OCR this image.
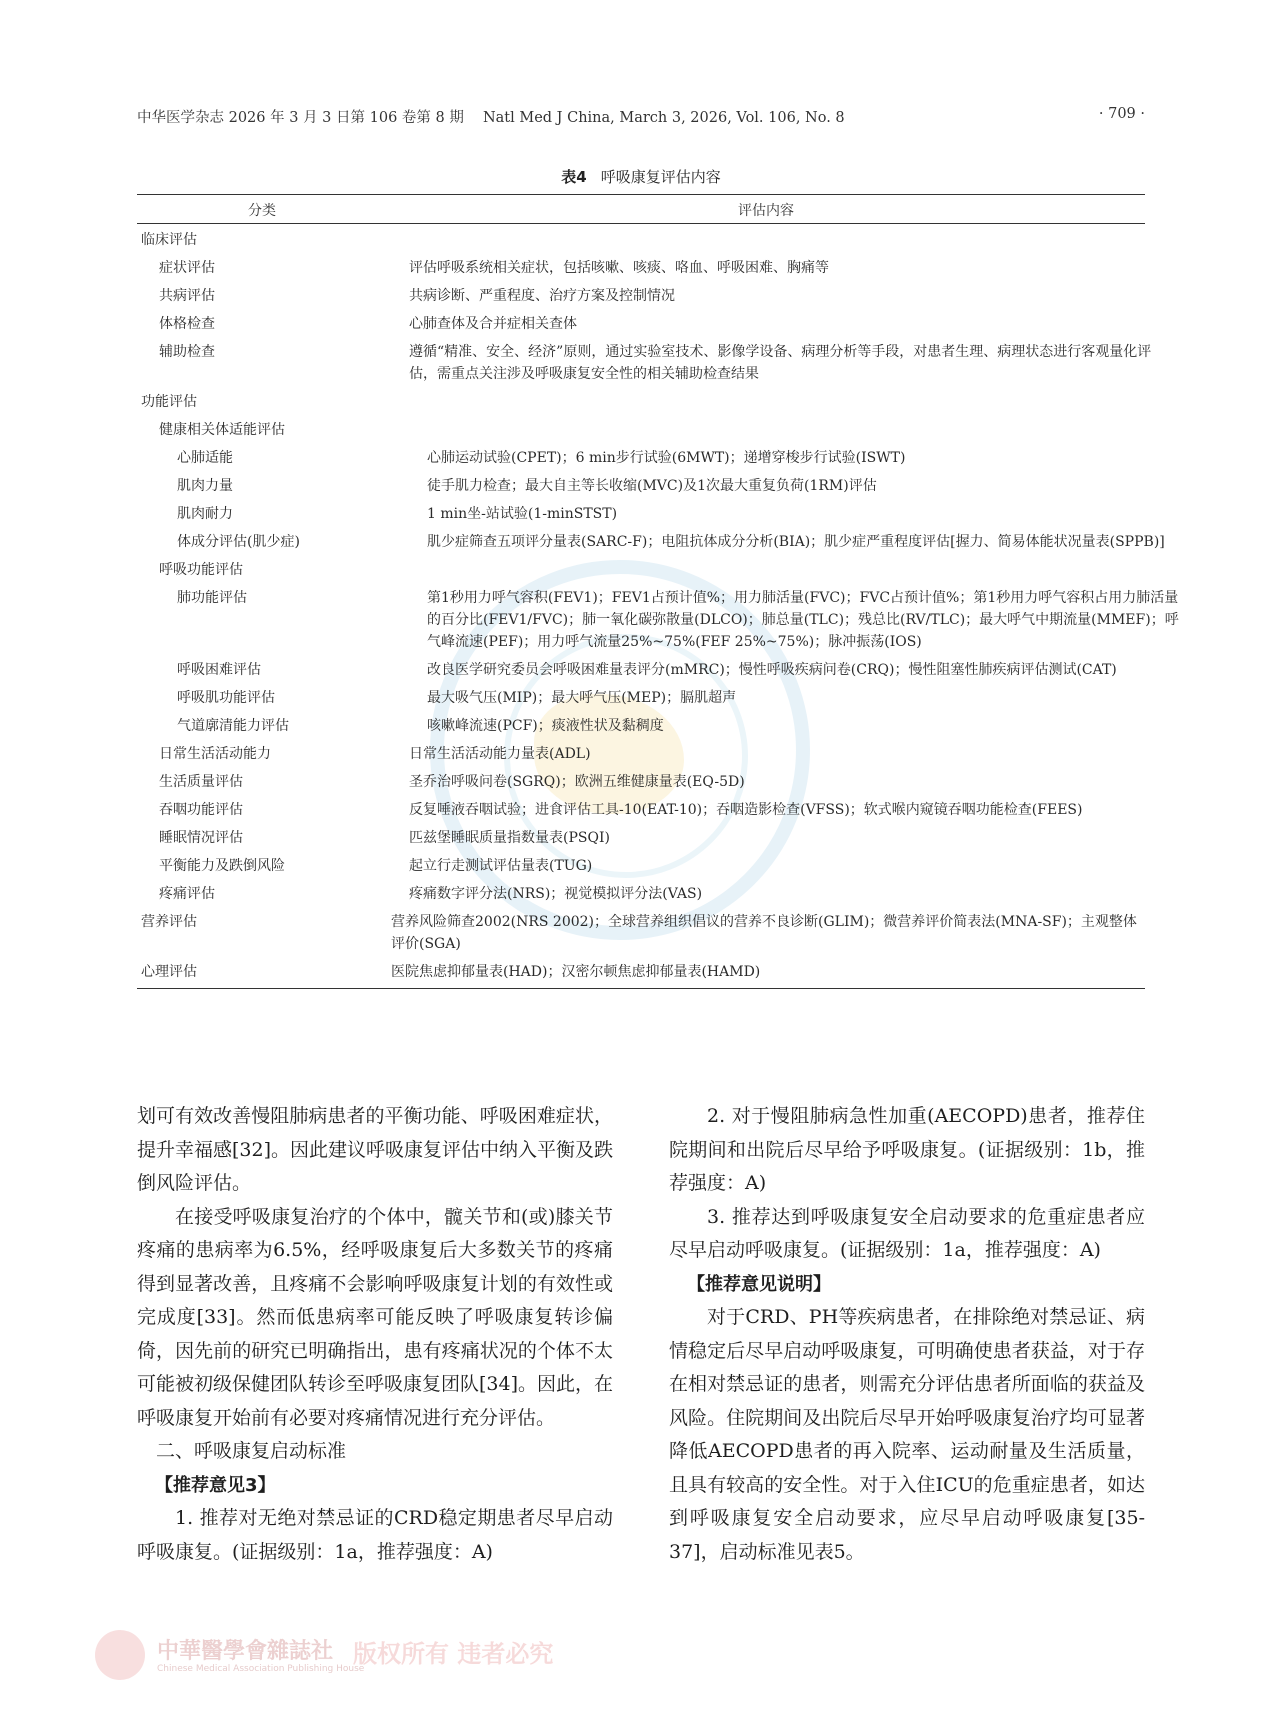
中华医学杂志 2026 年 3 月 3 日第 106 卷第 8 期 　Natl Med J China, March 3, 2026, Vol. 106, No. 8	· 709 ·
表4 呼吸康复评估内容
分类	评估内容
临床评估
症状评估	评估呼吸系统相关症状，包括咳嗽、咳痰、咯血、呼吸困难、胸痛等
共病评估	共病诊断、严重程度、治疗方案及控制情况
体格检查	心肺查体及合并症相关查体
辅助检查	遵循“精准、安全、经济”原则，通过实验室技术、影像学设备、病理分析等手段，对患者生理、病理状态进行客观量化评估，需重点关注涉及呼吸康复安全性的相关辅助检查结果
功能评估
健康相关体适能评估
心肺适能	心肺运动试验(CPET)；6 min步行试验(6MWT)；递增穿梭步行试验(ISWT)
肌肉力量	徒手肌力检查；最大自主等长收缩(MVC)及1次最大重复负荷(1RM)评估
肌肉耐力	1 min坐-站试验(1-minSTST)
体成分评估(肌少症)	肌少症筛查五项评分量表(SARC-F)；电阻抗体成分分析(BIA)；肌少症严重程度评估[握力、简易体能状况量表(SPPB)]
呼吸功能评估
肺功能评估	第1秒用力呼气容积(FEV1)；FEV1占预计值%；用力肺活量(FVC)；FVC占预计值%；第1秒用力呼气容积占用力肺活量的百分比(FEV1/FVC)；肺一氧化碳弥散量(DLCO)；肺总量(TLC)；残总比(RV/TLC)；最大呼气中期流量(MMEF)；呼气峰流速(PEF)；用力呼气流量25%~75%(FEF 25%~75%)；脉冲振荡(IOS)
呼吸困难评估	改良医学研究委员会呼吸困难量表评分(mMRC)；慢性呼吸疾病问卷(CRQ)；慢性阻塞性肺疾病评估测试(CAT)
呼吸肌功能评估	最大吸气压(MIP)；最大呼气压(MEP)；膈肌超声
气道廓清能力评估	咳嗽峰流速(PCF)；痰液性状及黏稠度
日常生活活动能力	日常生活活动能力量表(ADL)
生活质量评估	圣乔治呼吸问卷(SGRQ)；欧洲五维健康量表(EQ-5D)
吞咽功能评估	反复唾液吞咽试验；进食评估工具-10(EAT-10)；吞咽造影检查(VFSS)；软式喉内窥镜吞咽功能检查(FEES)
睡眠情况评估	匹兹堡睡眠质量指数量表(PSQI)
平衡能力及跌倒风险	起立行走测试评估量表(TUG)
疼痛评估	疼痛数字评分法(NRS)；视觉模拟评分法(VAS)
营养评估	营养风险筛查2002(NRS 2002)；全球营养组织倡议的营养不良诊断(GLIM)；微营养评价简表法(MNA-SF)；主观整体评价(SGA)
心理评估	医院焦虑抑郁量表(HAD)；汉密尔顿焦虑抑郁量表(HAMD)

划可有效改善慢阻肺病患者的平衡功能、呼吸困难症状，提升幸福感[32]。因此建议呼吸康复评估中纳入平衡及跌倒风险评估。

在接受呼吸康复治疗的个体中，髋关节和(或)膝关节疼痛的患病率为6.5%，经呼吸康复后大多数关节的疼痛得到显著改善，且疼痛不会影响呼吸康复计划的有效性或完成度[33]。然而低患病率可能反映了呼吸康复转诊偏倚，因先前的研究已明确指出，患有疼痛状况的个体不太可能被初级保健团队转诊至呼吸康复团队[34]。因此，在呼吸康复开始前有必要对疼痛情况进行充分评估。

二、呼吸康复启动标准

【推荐意见3】

1. 推荐对无绝对禁忌证的CRD稳定期患者尽早启动呼吸康复。(证据级别：1a，推荐强度：A)

2. 对于慢阻肺病急性加重(AECOPD)患者，推荐住院期间和出院后尽早给予呼吸康复。(证据级别：1b，推荐强度：A)

3. 推荐达到呼吸康复安全启动要求的危重症患者应尽早启动呼吸康复。(证据级别：1a，推荐强度：A)

【推荐意见说明】

对于CRD、PH等疾病患者，在排除绝对禁忌证、病情稳定后尽早启动呼吸康复，可明确使患者获益，对于存在相对禁忌证的患者，则需充分评估患者所面临的获益及风险。住院期间及出院后尽早开始呼吸康复治疗均可显著降低AECOPD患者的再入院率、运动耐量及生活质量，且具有较高的安全性。对于入住ICU的危重症患者，如达到呼吸康复安全启动要求，应尽早启动呼吸康复[35-37]，启动标准见表5。

中華醫學會雜誌社
Chinese Medical Association Publishing House
版权所有 违者必究
